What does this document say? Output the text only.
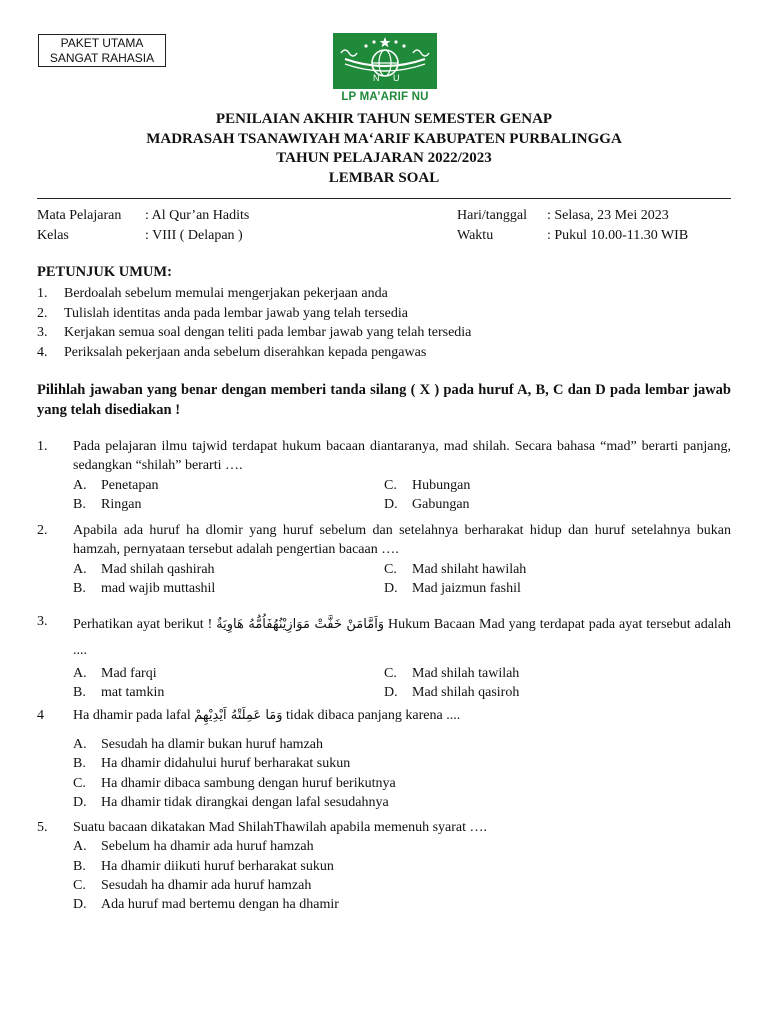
PAKET UTAMA
SANGAT RAHASIA
N U
LP MA’ARIF NU
PENILAIAN AKHIR TAHUN SEMESTER GENAP
MADRASAH TSANAWIYAH MA‘ARIF KABUPATEN PURBALINGGA
TAHUN PELAJARAN 2022/2023
LEMBAR SOAL
Mata Pelajaran	: Al Qur’an Hadits
Kelas	: VIII ( Delapan )
Hari/tanggal	: Selasa, 23 Mei 2023
Waktu	: Pukul 10.00-11.30 WIB
PETUNJUK UMUM:
1.	Berdoalah sebelum memulai mengerjakan pekerjaan anda
2.	Tulislah identitas anda pada lembar jawab yang telah tersedia
3.	Kerjakan semua soal dengan teliti pada lembar jawab yang telah tersedia
4.	Periksalah pekerjaan anda sebelum diserahkan kepada pengawas
Pilihlah jawaban yang benar dengan memberi tanda silang ( X ) pada huruf A, B, C dan D pada lembar jawab yang telah disediakan !
1.	Pada pelajaran ilmu tajwid terdapat hukum bacaan diantaranya, mad shilah. Secara bahasa “mad” berarti panjang, sedangkan “shilah” berarti ….
A.	Penetapan	C.	Hubungan
B.	Ringan	D.	Gabungan
2.	Apabila ada huruf ha dlomir yang huruf sebelum dan setelahnya berharakat hidup dan huruf setelahnya bukan hamzah, pernyataan tersebut adalah pengertian bacaan ….
A.	Mad shilah qashirah	C.	Mad shilaht hawilah
B.	mad wajib muttashil	D.	Mad jaizmun fashil
3.	Perhatikan ayat berikut ! وَاَمَّامَنْ خَفَّتْ مَوَازِيْنُهُفَاُمُّهُ هَاوِيَةٌ Hukum Bacaan Mad yang terdapat pada ayat tersebut adalah ....
A.	Mad farqi	C.	Mad shilah tawilah
B.	mat tamkin	D.	Mad shilah qasiroh
4	Ha dhamir pada lafal وَمَا عَمِلَتْهُ اَيْدِيْهِمْ tidak dibaca panjang karena ....
A.	Sesudah ha dlamir bukan huruf hamzah
B.	Ha dhamir didahului huruf berharakat sukun
C.	Ha dhamir dibaca sambung dengan huruf berikutnya
D.	Ha dhamir tidak dirangkai dengan lafal sesudahnya
5.	Suatu bacaan dikatakan Mad ShilahThawilah apabila memenuh syarat ….
A.	Sebelum ha dhamir ada huruf hamzah
B.	Ha dhamir diikuti huruf berharakat sukun
C.	Sesudah ha dhamir ada huruf hamzah
D.	Ada huruf mad bertemu dengan ha dhamir
